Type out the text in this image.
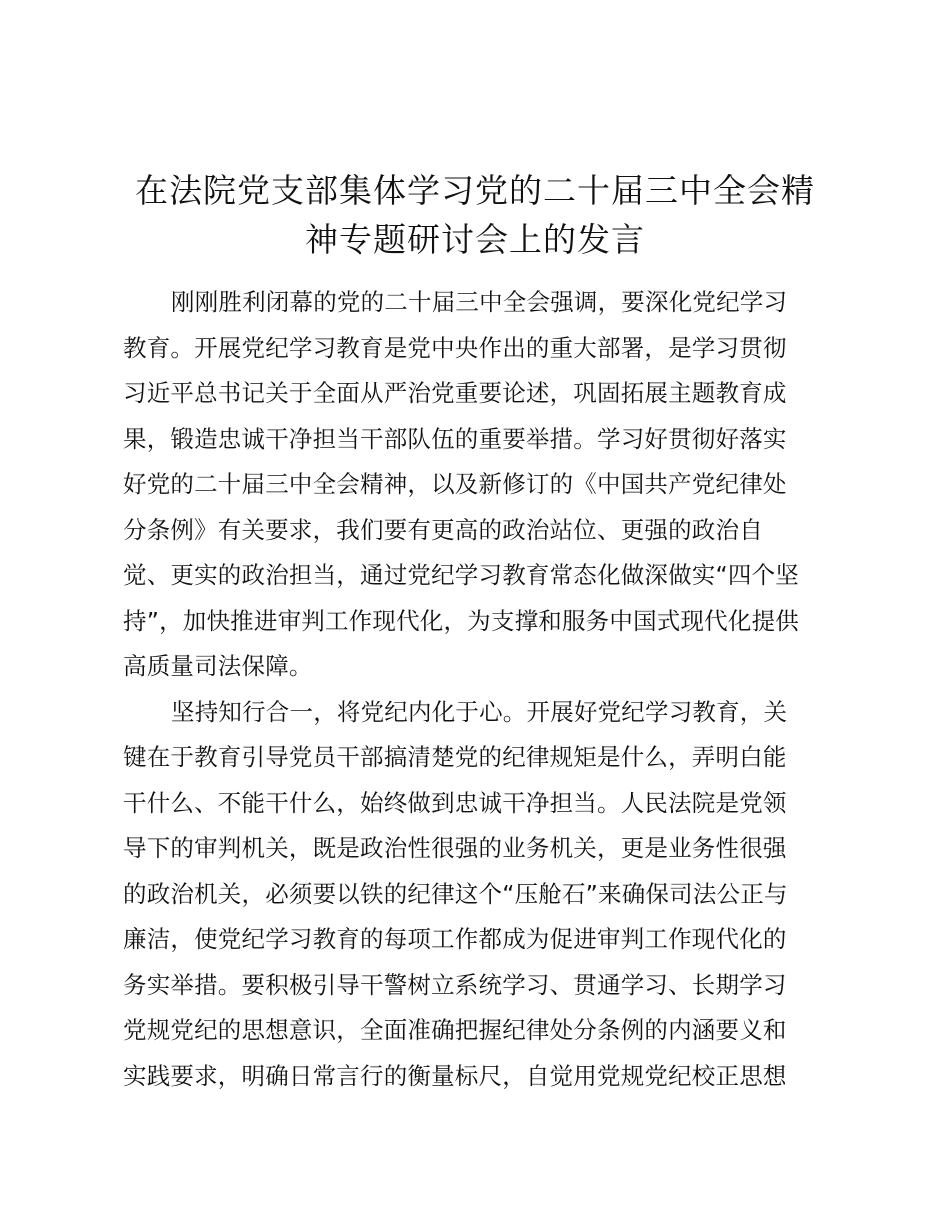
在法院党支部集体学习党的二十届三中全会精
神专题研讨会上的发言
刚刚胜利闭幕的党的二十届三中全会强调，要深化党纪学习
教育。开展党纪学习教育是党中央作出的重大部署，是学习贯彻
习近平总书记关于全面从严治党重要论述，巩固拓展主题教育成
果，锻造忠诚干净担当干部队伍的重要举措。学习好贯彻好落实
好党的二十届三中全会精神，以及新修订的《中国共产党纪律处
分条例》有关要求，我们要有更高的政治站位、更强的政治自
觉、更实的政治担当，通过党纪学习教育常态化做深做实“四个坚
持”，加快推进审判工作现代化，为支撑和服务中国式现代化提供
高质量司法保障。
坚持知行合一，将党纪内化于心。开展好党纪学习教育，关
键在于教育引导党员干部搞清楚党的纪律规矩是什么，弄明白能
干什么、不能干什么，始终做到忠诚干净担当。人民法院是党领
导下的审判机关，既是政治性很强的业务机关，更是业务性很强
的政治机关，必须要以铁的纪律这个“压舱石”来确保司法公正与
廉洁，使党纪学习教育的每项工作都成为促进审判工作现代化的
务实举措。要积极引导干警树立系统学习、贯通学习、长期学习
党规党纪的思想意识，全面准确把握纪律处分条例的内涵要义和
实践要求，明确日常言行的衡量标尺，自觉用党规党纪校正思想
